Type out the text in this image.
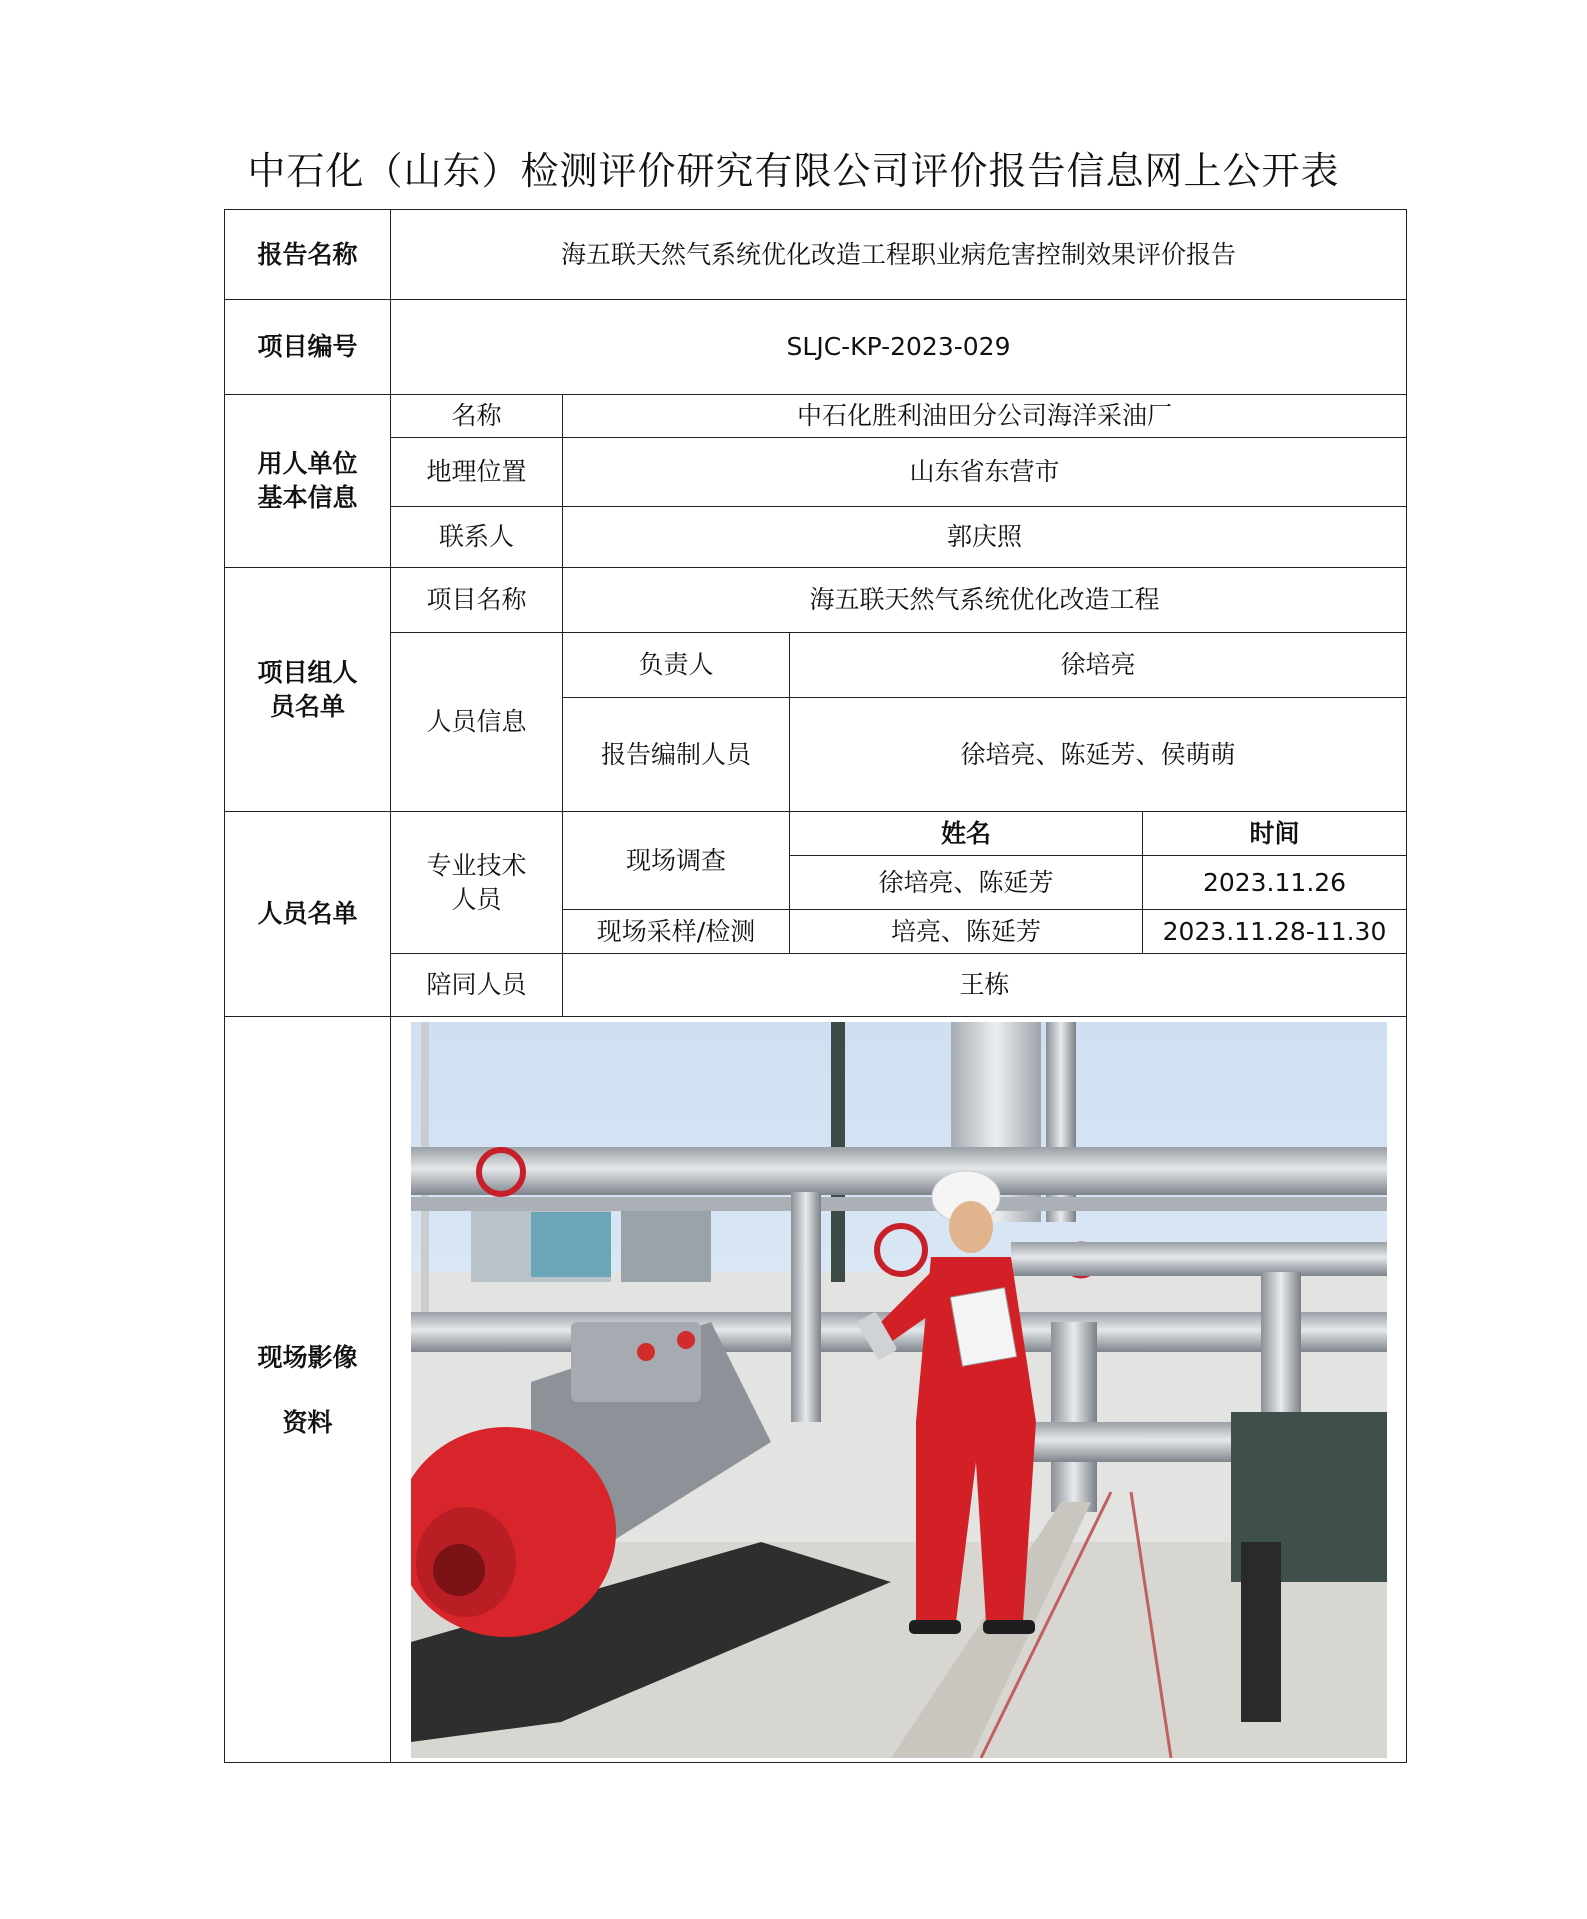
中石化（山东）检测评价研究有限公司评价报告信息网上公开表
报告名称	海五联天然气系统优化改造工程职业病危害控制效果评价报告			
项目编号	SLJC-KP-2023-029			
用人单位
基本信息	名称	中石化胜利油田分公司海洋采油厂		
	地理位置	山东省东营市		
	联系人	郭庆照		
项目组人
员名单	项目名称	海五联天然气系统优化改造工程		
	人员信息	负责人	徐培亮	
		报告编制人员	徐培亮、陈延芳、侯萌萌	
人员名单	专业技术
人员	现场调查	姓名	时间
			徐培亮、陈延芳	2023.11.26
		现场采样/检测	培亮、陈延芳	2023.11.28-11.30
	陪同人员	王栋		

现场影像
资料
